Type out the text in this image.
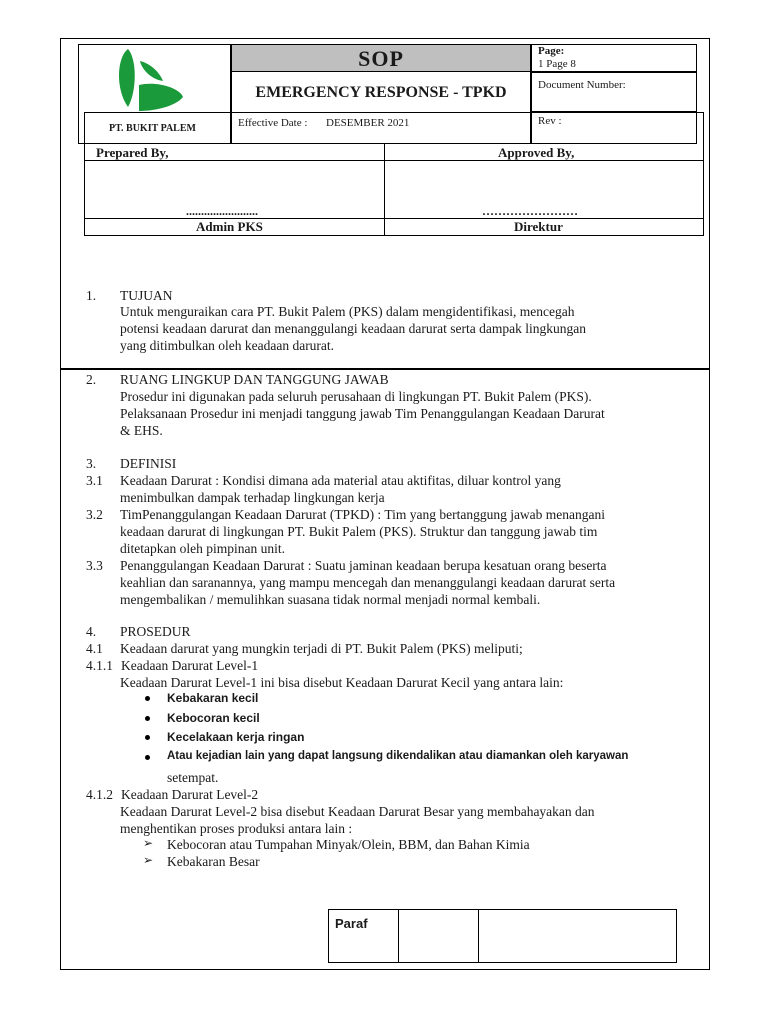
PT. BUKIT PALEM
SOP
EMERGENCY RESPONSE - TPKD
Effective Date : DESEMBER 2021
Page:
1 Page 8
Document Number:
Rev :
Prepared By,	Approved By,
........................	……………………
Admin PKS	Direktur
1. TUJUAN
Untuk menguraikan cara PT. Bukit Palem (PKS) dalam mengidentifikasi, mencegah
potensi keadaan darurat dan menanggulangi keadaan darurat serta dampak lingkungan
yang ditimbulkan oleh keadaan darurat.
2. RUANG LINGKUP DAN TANGGUNG JAWAB
Prosedur ini digunakan pada seluruh perusahaan di lingkungan PT. Bukit Palem (PKS).
Pelaksanaan Prosedur ini menjadi tanggung jawab Tim Penanggulangan Keadaan Darurat
& EHS.
3. DEFINISI
3.1 Keadaan Darurat : Kondisi dimana ada material atau aktifitas, diluar kontrol yang
menimbulkan dampak terhadap lingkungan kerja
3.2 TimPenanggulangan Keadaan Darurat (TPKD) : Tim yang bertanggung jawab menangani
keadaan darurat di lingkungan PT. Bukit Palem (PKS). Struktur dan tanggung jawab tim
ditetapkan oleh pimpinan unit.
3.3 Penanggulangan Keadaan Darurat : Suatu jaminan keadaan berupa kesatuan orang beserta
keahlian dan saranannya, yang mampu mencegah dan menanggulangi keadaan darurat serta
mengembalikan / memulihkan suasana tidak normal menjadi normal kembali.
4. PROSEDUR
4.1 Keadaan darurat yang mungkin terjadi di PT. Bukit Palem (PKS) meliputi;
4.1.1 Keadaan Darurat Level-1
Keadaan Darurat Level-1 ini bisa disebut Keadaan Darurat Kecil yang antara lain:
Kebakaran kecil
Kebocoran kecil
Kecelakaan kerja ringan
Atau kejadian lain yang dapat langsung dikendalikan atau diamankan oleh karyawan
setempat.
4.1.2 Keadaan Darurat Level-2
Keadaan Darurat Level-2 bisa disebut Keadaan Darurat Besar yang membahayakan dan
menghentikan proses produksi antara lain :
➢ Kebocoran atau Tumpahan Minyak/Olein, BBM, dan Bahan Kimia
➢ Kebakaran Besar
Paraf
